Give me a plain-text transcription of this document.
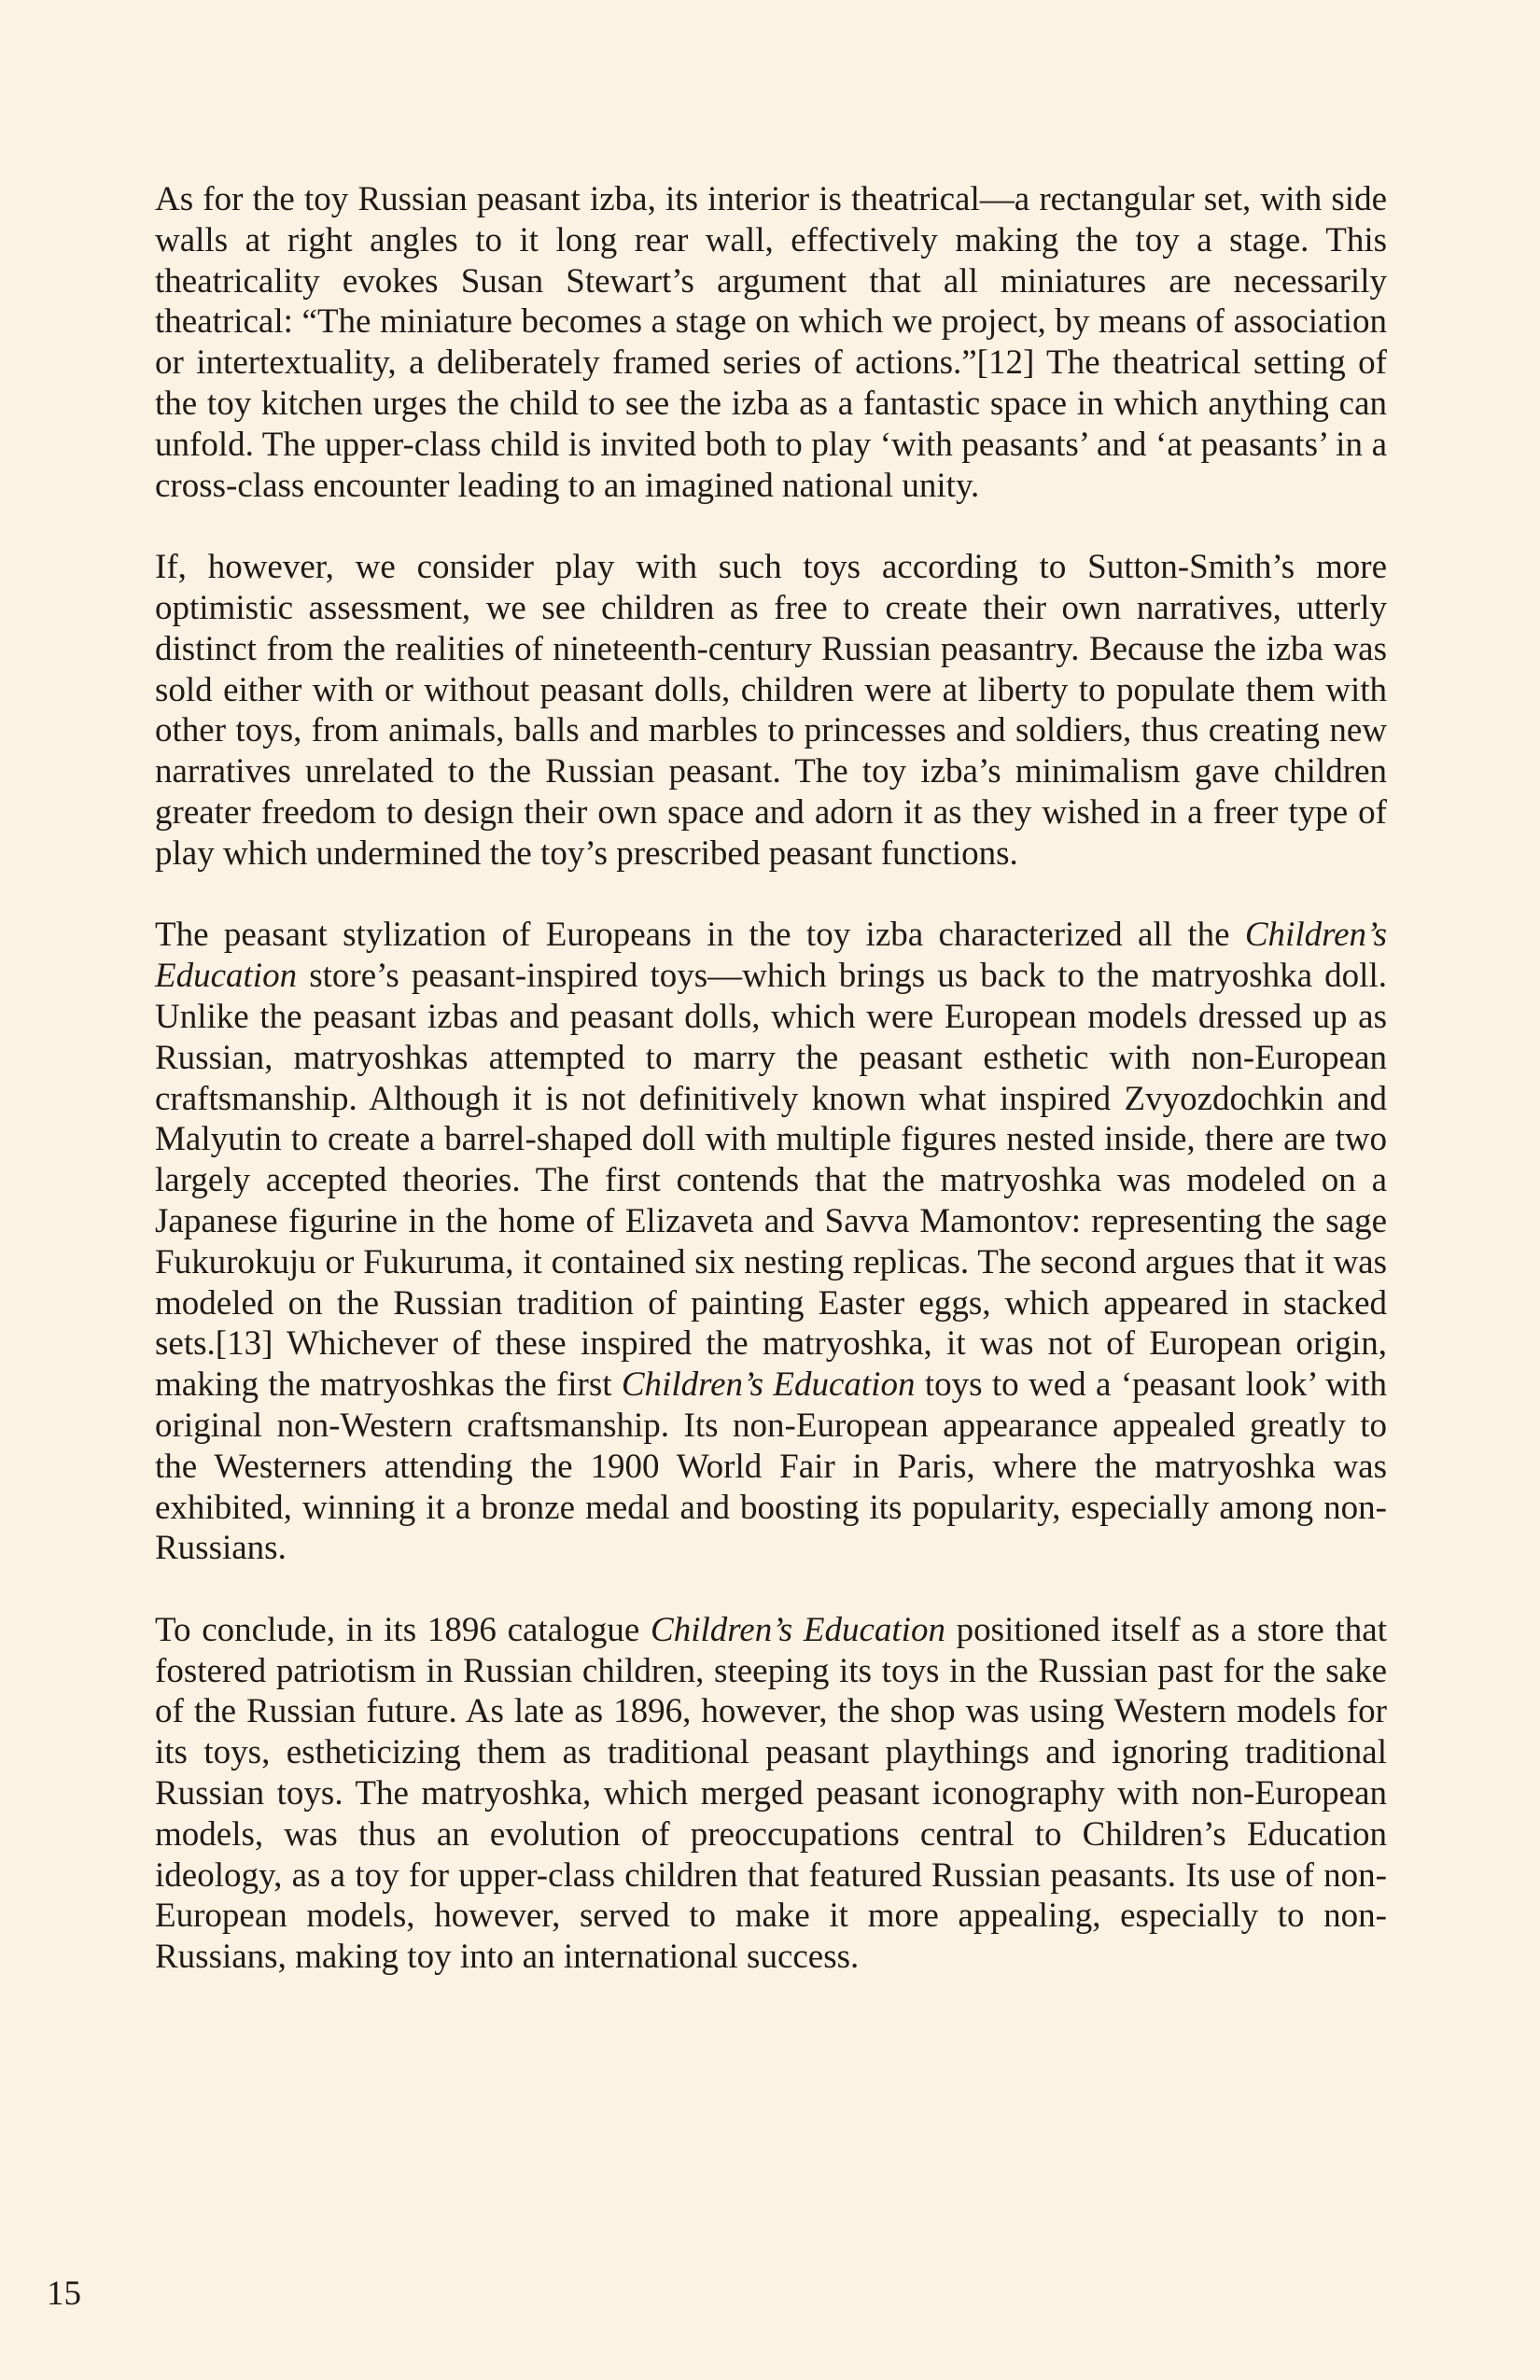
As for the toy Russian peasant izba, its interior is theatrical—a rectangular set, with side walls at right angles to it long rear wall, effectively making the toy a stage. This theatricality evokes Susan Stewart’s argument that all miniatures are necessarily theatrical: “The miniature becomes a stage on which we project, by means of association or intertextuality, a deliberately framed series of actions.”[12] The theatrical setting of the toy kitchen urges the child to see the izba as a fantastic space in which anything can unfold. The upper-class child is invited both to play ‘with peasants’ and ‘at peasants’ in a cross-class encounter leading to an imagined national unity.

If, however, we consider play with such toys according to Sutton-Smith’s more optimistic assessment, we see children as free to create their own narratives, utterly distinct from the realities of nineteenth-century Russian peasantry. Because the izba was sold either with or without peasant dolls, children were at liberty to populate them with other toys, from animals, balls and marbles to princesses and soldiers, thus creating new narratives unrelated to the Russian peasant. The toy izba’s minimalism gave children greater freedom to design their own space and adorn it as they wished in a freer type of play which undermined the toy’s prescribed peasant functions.

The peasant stylization of Europeans in the toy izba characterized all the Children’s Education store’s peasant-inspired toys—which brings us back to the matryoshka doll. Unlike the peasant izbas and peasant dolls, which were European models dressed up as Russian, matryoshkas attempted to marry the peasant esthetic with non-European craftsmanship. Although it is not definitively known what inspired Zvyozdochkin and Malyutin to create a barrel-shaped doll with multiple figures nested inside, there are two largely accepted theories. The first contends that the matryoshka was modeled on a Japanese figurine in the home of Elizaveta and Savva Mamontov: representing the sage Fukurokuju or Fukuruma, it contained six nesting replicas. The second argues that it was modeled on the Russian tradition of painting Easter eggs, which appeared in stacked sets.[13] Whichever of these inspired the matryoshka, it was not of European origin, making the matryoshkas the first Children’s Education toys to wed a ‘peasant look’ with original non-Western craftsmanship. Its non-European appearance appealed greatly to the Westerners attending the 1900 World Fair in Paris, where the matryoshka was exhibited, winning it a bronze medal and boosting its popularity, especially among non-Russians.

To conclude, in its 1896 catalogue Children’s Education positioned itself as a store that fostered patriotism in Russian children, steeping its toys in the Russian past for the sake of the Russian future. As late as 1896, however, the shop was using Western models for its toys, estheticizing them as traditional peasant playthings and ignoring traditional Russian toys. The matryoshka, which merged peasant iconography with non-European models, was thus an evolution of preoccupations central to Children’s Education ideology, as a toy for upper-class children that featured Russian peasants. Its use of non-European models, however, served to make it more appealing, especially to non-Russians, making toy into an international success.

15
